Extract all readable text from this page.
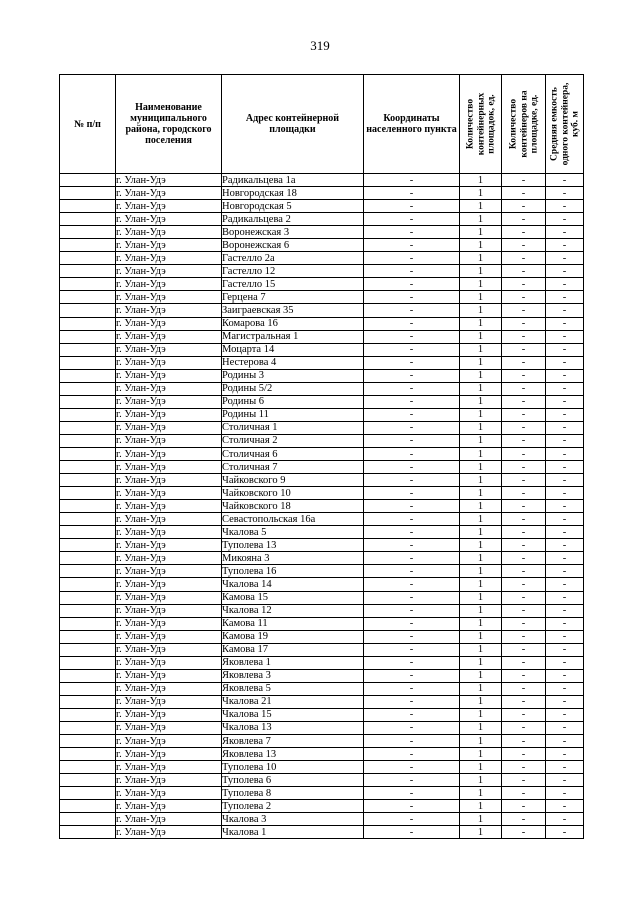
319
№ п/п	Наименование муниципального района, городского поселения	Адрес контейнерной площадки	Координаты населенного пункта	Количество контейнерных площадок, ед.	Количество контейнеров на площадке, ед.	Средняя емкость одного контейнера, куб. м

	г. Улан-Удэ	Радикальцева 1а	-	1	-	-
	г. Улан-Удэ	Новгородская 18	-	1	-	-
	г. Улан-Удэ	Новгородская 5	-	1	-	-
	г. Улан-Удэ	Радикальцева 2	-	1	-	-
	г. Улан-Удэ	Воронежская 3	-	1	-	-
	г. Улан-Удэ	Воронежская 6	-	1	-	-
	г. Улан-Удэ	Гастелло 2а	-	1	-	-
	г. Улан-Удэ	Гастелло 12	-	1	-	-
	г. Улан-Удэ	Гастелло 15	-	1	-	-
	г. Улан-Удэ	Герцена 7	-	1	-	-
	г. Улан-Удэ	Заиграевская 35	-	1	-	-
	г. Улан-Удэ	Комарова 16	-	1	-	-
	г. Улан-Удэ	Магистральная 1	-	1	-	-
	г. Улан-Удэ	Моцарта 14	-	1	-	-
	г. Улан-Удэ	Нестерова 4	-	1	-	-
	г. Улан-Удэ	Родины 3	-	1	-	-
	г. Улан-Удэ	Родины 5/2	-	1	-	-
	г. Улан-Удэ	Родины 6	-	1	-	-
	г. Улан-Удэ	Родины 11	-	1	-	-
	г. Улан-Удэ	Столичная 1	-	1	-	-
	г. Улан-Удэ	Столичная 2	-	1	-	-
	г. Улан-Удэ	Столичная 6	-	1	-	-
	г. Улан-Удэ	Столичная 7	-	1	-	-
	г. Улан-Удэ	Чайковского 9	-	1	-	-
	г. Улан-Удэ	Чайковского 10	-	1	-	-
	г. Улан-Удэ	Чайковского 18	-	1	-	-
	г. Улан-Удэ	Севастопольская 16а	-	1	-	-
	г. Улан-Удэ	Чкалова 5	-	1	-	-
	г. Улан-Удэ	Туполева 13	-	1	-	-
	г. Улан-Удэ	Микояна 3	-	1	-	-
	г. Улан-Удэ	Туполева 16	-	1	-	-
	г. Улан-Удэ	Чкалова 14	-	1	-	-
	г. Улан-Удэ	Камова 15	-	1	-	-
	г. Улан-Удэ	Чкалова 12	-	1	-	-
	г. Улан-Удэ	Камова 11	-	1	-	-
	г. Улан-Удэ	Камова 19	-	1	-	-
	г. Улан-Удэ	Камова 17	-	1	-	-
	г. Улан-Удэ	Яковлева 1	-	1	-	-
	г. Улан-Удэ	Яковлева 3	-	1	-	-
	г. Улан-Удэ	Яковлева 5	-	1	-	-
	г. Улан-Удэ	Чкалова 21	-	1	-	-
	г. Улан-Удэ	Чкалова 15	-	1	-	-
	г. Улан-Удэ	Чкалова 13	-	1	-	-
	г. Улан-Удэ	Яковлева 7	-	1	-	-
	г. Улан-Удэ	Яковлева 13	-	1	-	-
	г. Улан-Удэ	Туполева 10	-	1	-	-
	г. Улан-Удэ	Туполева 6	-	1	-	-
	г. Улан-Удэ	Туполева 8	-	1	-	-
	г. Улан-Удэ	Туполева 2	-	1	-	-
	г. Улан-Удэ	Чкалова 3	-	1	-	-
	г. Улан-Удэ	Чкалова 1	-	1	-	-
